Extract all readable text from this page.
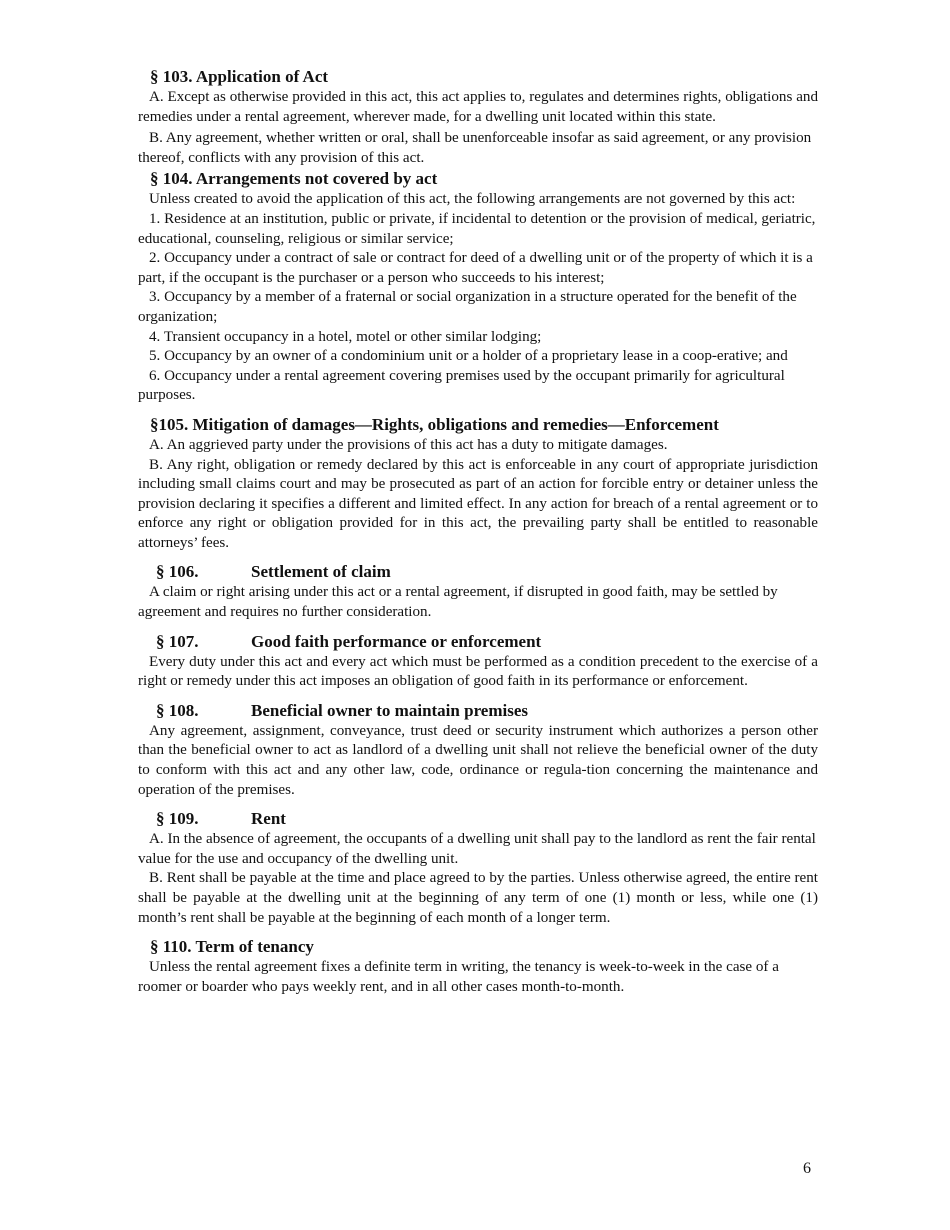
§ 103. Application of Act

A. Except as otherwise provided in this act, this act applies to, regulates and determines rights, obligations and remedies under a rental agreement, wherever made, for a dwelling unit located within this state.

B. Any agreement, whether written or oral, shall be unenforceable insofar as said agreement, or any provision thereof, conflicts with any provision of this act.

§ 104. Arrangements not covered by act

Unless created to avoid the application of this act, the following arrangements are not governed by this act:

1. Residence at an institution, public or private, if incidental to detention or the provision of medical, geriatric, educational, counseling, religious or similar service;

2. Occupancy under a contract of sale or contract for deed of a dwelling unit or of the property of which it is a part, if the occupant is the purchaser or a person who succeeds to his interest;

3. Occupancy by a member of a fraternal or social organization in a structure operated for the benefit of the organization;

4. Transient occupancy in a hotel, motel or other similar lodging;

5. Occupancy by an owner of a condominium unit or a holder of a proprietary lease in a coop-erative; and

6. Occupancy under a rental agreement covering premises used by the occupant primarily for agricultural purposes.

§105. Mitigation of damages—Rights, obligations and remedies—Enforcement

A. An aggrieved party under the provisions of this act has a duty to mitigate damages.

B. Any right, obligation or remedy declared by this act is enforceable in any court of appropriate jurisdiction including small claims court and may be prosecuted as part of an action for forcible entry or detainer unless the provision declaring it specifies a different and limited effect. In any action for breach of a rental agreement or to enforce any right or obligation provided for in this act, the prevailing party shall be entitled to reasonable attorneys’ fees.

§ 106.	Settlement of claim

A claim or right arising under this act or a rental agreement, if disrupted in good faith, may be settled by agreement and requires no further consideration.

§ 107.	Good faith performance or enforcement

Every duty under this act and every act which must be performed as a condition precedent to the exercise of a right or remedy under this act imposes an obligation of good faith in its performance or enforcement.

§ 108.	Beneficial owner to maintain premises

Any agreement, assignment, conveyance, trust deed or security instrument which authorizes a person other than the beneficial owner to act as landlord of a dwelling unit shall not relieve the beneficial owner of the duty to conform with this act and any other law, code, ordinance or regula-tion concerning the maintenance and operation of the premises.

§ 109.	Rent

A. In the absence of agreement, the occupants of a dwelling unit shall pay to the landlord as rent the fair rental value for the use and occupancy of the dwelling unit.

B. Rent shall be payable at the time and place agreed to by the parties. Unless otherwise agreed, the entire rent shall be payable at the dwelling unit at the beginning of any term of one (1) month or less, while one (1) month’s rent shall be payable at the beginning of each month of a longer term.

§ 110. Term of tenancy

Unless the rental agreement fixes a definite term in writing, the tenancy is week-to-week in the case of a roomer or boarder who pays weekly rent, and in all other cases month-to-month.

6
